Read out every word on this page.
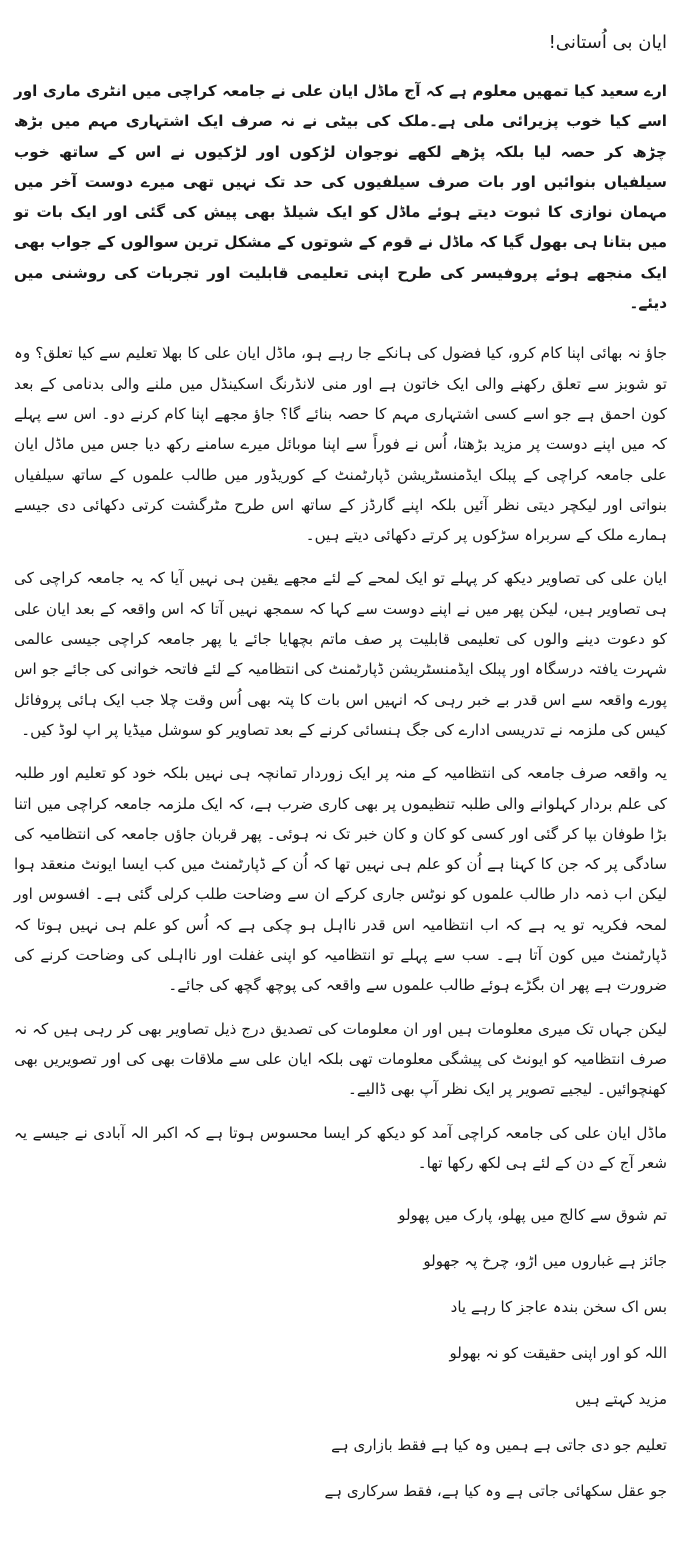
ایان بی اُستانی!

ارے سعید کیا تمھیں معلوم ہے کہ آج ماڈل ایان علی نے جامعہ کراچی میں انٹری ماری اور اسے کیا خوب پزیرائی ملی ہے۔ملک کی بیٹی نے نہ صرف ایک اشتہاری مہم میں بڑھ چڑھ کر حصہ لیا بلکہ پڑھے لکھے نوجوان لڑکوں اور لڑکیوں نے اس کے ساتھ خوب سیلفیاں بنوائیں اور بات صرف سیلفیوں کی حد تک نہیں تھی میرے دوست آخر میں مہمان نوازی کا ثبوت دیتے ہوئے ماڈل کو ایک شیلڈ بھی پیش کی گئی اور ایک بات تو میں بتانا ہی بھول گیا کہ ماڈل نے قوم کے شوتوں کے مشکل ترین سوالوں کے جواب بھی ایک منجھے ہوئے پروفیسر کی طرح اپنی تعلیمی قابلیت اور تجربات کی روشنی میں دیئے۔

جاؤ نہ بھائی اپنا کام کرو، کیا فضول کی ہانکے جا رہے ہو، ماڈل ایان علی کا بھلا تعلیم سے کیا تعلق؟ وہ تو شوبز سے تعلق رکھنے والی ایک خاتون ہے اور منی لانڈرنگ اسکینڈل میں ملنے والی بدنامی کے بعد کون احمق ہے جو اسے کسی اشتہاری مہم کا حصہ بنائے گا؟ جاؤ مجھے اپنا کام کرنے دو۔ اس سے پہلے کہ میں اپنے دوست پر مزید بڑھتا، اُس نے فوراً سے اپنا موبائل میرے سامنے رکھ دیا جس میں ماڈل ایان علی جامعہ کراچی کے پبلک ایڈمنسٹریشن ڈپارٹمنٹ کے کوریڈور میں طالب علموں کے ساتھ سیلفیاں بنواتی اور لیکچر دیتی نظر آئیں بلکہ اپنے گارڈز کے ساتھ اس طرح مٹرگشت کرتی دکھائی دی جیسے ہمارے ملک کے سربراہ سڑکوں پر کرتے دکھائی دیتے ہیں۔

ایان علی کی تصاویر دیکھ کر پہلے تو ایک لمحے کے لئے مجھے یقین ہی نہیں آیا کہ یہ جامعہ کراچی کی ہی تصاویر ہیں، لیکن پھر میں نے اپنے دوست سے کہا کہ سمجھ نہیں آتا کہ اس واقعہ کے بعد ایان علی کو دعوت دینے والوں کی تعلیمی قابلیت پر صف ماتم بچھایا جائے یا پھر جامعہ کراچی جیسی عالمی شہرت یافتہ درسگاہ اور پبلک ایڈمنسٹریشن ڈپارٹمنٹ کی انتظامیہ کے لئے فاتحہ خوانی کی جائے جو اس پورے واقعہ سے اس قدر بے خبر رہی کہ انہیں اس بات کا پتہ بھی اُس وقت چلا جب ایک ہائی پروفائل کیس کی ملزمہ نے تدریسی ادارے کی جگ ہنسائی کرنے کے بعد تصاویر کو سوشل میڈیا پر اپ لوڈ کیں۔

یہ واقعہ صرف جامعہ کی انتظامیہ کے منہ پر ایک زوردار تمانچہ ہی نہیں بلکہ خود کو تعلیم اور طلبہ کی علم بردار کہلوانے والی طلبہ تنظیموں پر بھی کاری ضرب ہے، کہ ایک ملزمہ جامعہ کراچی میں اتنا بڑا طوفان بپا کر گئی اور کسی کو کان و کان خبر تک نہ ہوئی۔ پھر قربان جاؤں جامعہ کی انتظامیہ کی سادگی پر کہ جن کا کہنا ہے اُن کو علم ہی نہیں تھا کہ اُن کے ڈپارٹمنٹ میں کب ایسا ایونٹ منعقد ہوا لیکن اب ذمہ دار طالب علموں کو نوٹس جاری کرکے ان سے وضاحت طلب کرلی گئی ہے۔ افسوس اور لمحہ فکریہ تو یہ ہے کہ اب انتظامیہ اس قدر نااہل ہو چکی ہے کہ اُس کو علم ہی نہیں ہوتا کہ ڈپارٹمنٹ میں کون آتا ہے۔ سب سے پہلے تو انتظامیہ کو اپنی غفلت اور نااہلی کی وضاحت کرنے کی ضرورت ہے پھر ان بگڑے ہوئے طالب علموں سے واقعہ کی پوچھ گچھ کی جائے۔

لیکن جہاں تک میری معلومات ہیں اور ان معلومات کی تصدیق درج ذیل تصاویر بھی کر رہی ہیں کہ نہ صرف انتظامیہ کو ایونٹ کی پیشگی معلومات تھی بلکہ ایان علی سے ملاقات بھی کی اور تصویریں بھی کھنچوائیں۔ لیجیے تصویر پر ایک نظر آپ بھی ڈالیے۔

ماڈل ایان علی کی جامعہ کراچی آمد کو دیکھ کر ایسا محسوس ہوتا ہے کہ اکبر الہ آبادی نے جیسے یہ شعر آج کے دن کے لئے ہی لکھ رکھا تھا۔

تم شوق سے کالج میں پھلو، پارک میں پھولو

جائز ہے غباروں میں اڑو، چرخ پہ جھولو

بس اک سخن بندہ عاجز کا رہے یاد

اللہ کو اور اپنی حقیقت کو نہ بھولو

مزید کہتے ہیں

تعلیم جو دی جاتی ہے ہمیں وہ کیا ہے فقط بازاری ہے

جو عقل سکھائی جاتی ہے وہ کیا ہے، فقط سرکاری ہے
